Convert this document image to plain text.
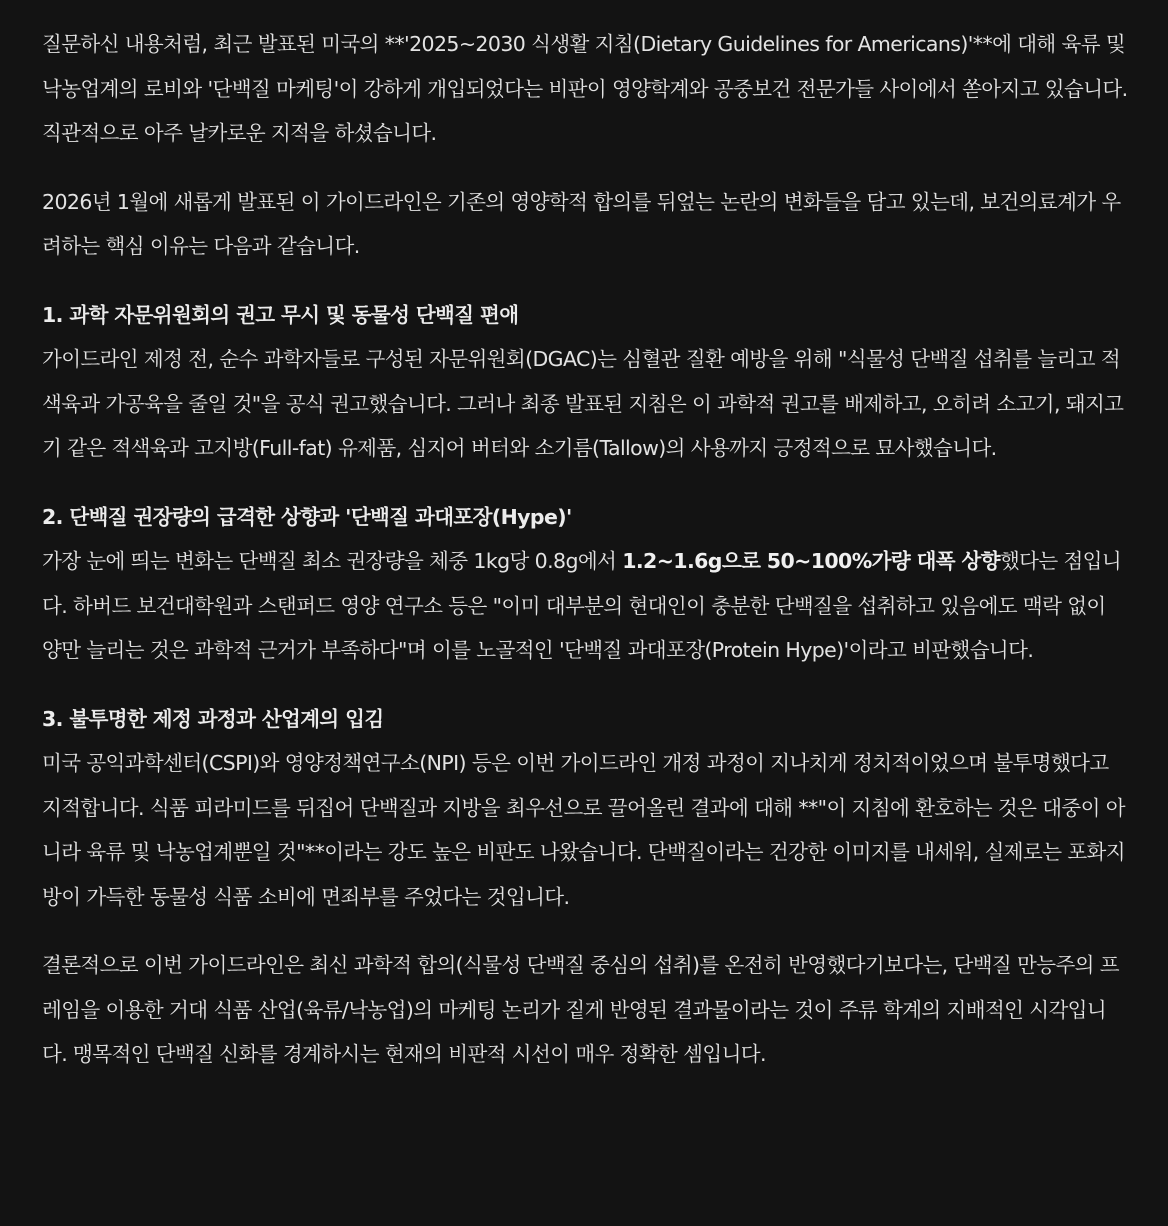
질문하신 내용처럼, 최근 발표된 미국의 **'2025~2030 식생활 지침(Dietary Guidelines for Americans)'**에 대해 육류 및 낙농업계의 로비와 '단백질 마케팅'이 강하게 개입되었다는 비판이 영양학계와 공중보건 전문가들 사이에서 쏟아지고 있습니다. 직관적으로 아주 날카로운 지적을 하셨습니다.

2026년 1월에 새롭게 발표된 이 가이드라인은 기존의 영양학적 합의를 뒤엎는 논란의 변화들을 담고 있는데, 보건의료계가 우려하는 핵심 이유는 다음과 같습니다.

1. 과학 자문위원회의 권고 무시 및 동물성 단백질 편애

가이드라인 제정 전, 순수 과학자들로 구성된 자문위원회(DGAC)는 심혈관 질환 예방을 위해 "식물성 단백질 섭취를 늘리고 적색육과 가공육을 줄일 것"을 공식 권고했습니다. 그러나 최종 발표된 지침은 이 과학적 권고를 배제하고, 오히려 소고기, 돼지고기 같은 적색육과 고지방(Full-fat) 유제품, 심지어 버터와 소기름(Tallow)의 사용까지 긍정적으로 묘사했습니다.

2. 단백질 권장량의 급격한 상향과 '단백질 과대포장(Hype)'

가장 눈에 띄는 변화는 단백질 최소 권장량을 체중 1kg당 0.8g에서 1.2~1.6g으로 50~100%가량 대폭 상향했다는 점입니다. 하버드 보건대학원과 스탠퍼드 영양 연구소 등은 "이미 대부분의 현대인이 충분한 단백질을 섭취하고 있음에도 맥락 없이 양만 늘리는 것은 과학적 근거가 부족하다"며 이를 노골적인 '단백질 과대포장(Protein Hype)'이라고 비판했습니다.

3. 불투명한 제정 과정과 산업계의 입김

미국 공익과학센터(CSPI)와 영양정책연구소(NPI) 등은 이번 가이드라인 개정 과정이 지나치게 정치적이었으며 불투명했다고 지적합니다. 식품 피라미드를 뒤집어 단백질과 지방을 최우선으로 끌어올린 결과에 대해 **"이 지침에 환호하는 것은 대중이 아니라 육류 및 낙농업계뿐일 것"**이라는 강도 높은 비판도 나왔습니다. 단백질이라는 건강한 이미지를 내세워, 실제로는 포화지방이 가득한 동물성 식품 소비에 면죄부를 주었다는 것입니다.

결론적으로 이번 가이드라인은 최신 과학적 합의(식물성 단백질 중심의 섭취)를 온전히 반영했다기보다는, 단백질 만능주의 프레임을 이용한 거대 식품 산업(육류/낙농업)의 마케팅 논리가 짙게 반영된 결과물이라는 것이 주류 학계의 지배적인 시각입니다. 맹목적인 단백질 신화를 경계하시는 현재의 비판적 시선이 매우 정확한 셈입니다.
